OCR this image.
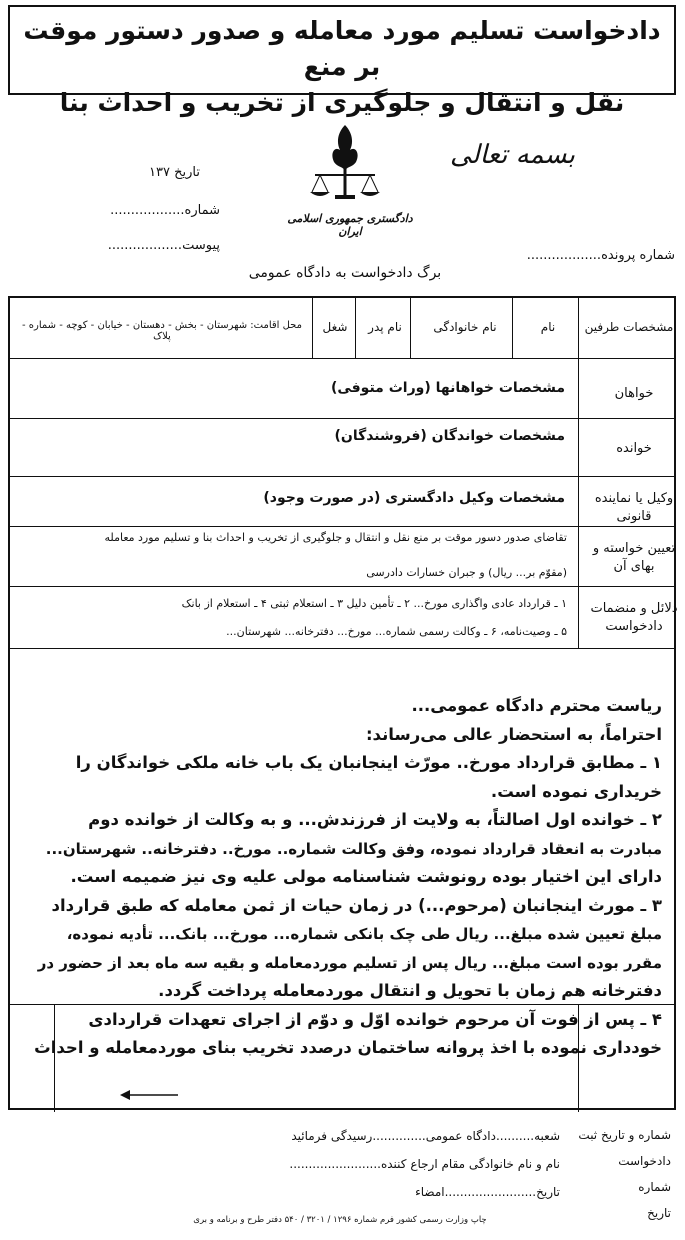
دادخواست تسلیم مورد معامله و صدور دستور موقت بر منع
نقل و انتقال و جلوگیری از تخریب و احداث بنا
بسمه تعالی
دادگستری جمهوری اسلامی ایران
تاریخ ۱۳۷
شماره..................
پیوست..................
شماره پرونده..................
برگ دادخواست به دادگاه عمومی
مشخصات طرفین
نام
نام خانوادگی
نام پدر
شغل
محل اقامت: شهرستان - بخش - دهستان - خیابان - کوچه - شماره - پلاک
خواهان
خوانده
وکیل یا نماینده قانونی
تعیین خواسته و بهای آن
دلائل و منضمات دادخواست
مشخصات خواهانها (وراث متوفی)
مشخصات خواندگان (فروشندگان)
مشخصات وکیل دادگستری (در صورت وجود)
تقاضای صدور دسور موقت بر منع نقل و انتقال و جلوگیری از تخریب و احداث بنا و تسلیم مورد معامله
(مقوّم بر... ریال) و جبران خسارات دادرسی
۱ ـ قرارداد عادی واگذاری مورخ... ۲ ـ تأمین دلیل ۳ ـ استعلام ثبتی ۴ ـ استعلام از بانک
۵ ـ وصیت‌نامه، ۶ ـ وکالت رسمی شماره... مورخ... دفترخانه... شهرستان...
ریاست محترم دادگاه عمومی...
احتراماً، به استحضار عالی می‌رساند:
۱ ـ مطابق قرارداد مورخ.. مورّث اینجانبان یک باب خانه ملکی خواندگان را
خریداری نموده است.
۲ ـ خوانده اول اصالتاً، به ولایت از فرزندش... و به وکالت از خوانده دوم
مبادرت به انعقاد قرارداد نموده، وفق وکالت شماره.. مورخ.. دفترخانه.. شهرستان...
دارای این اختیار بوده رونوشت شناسنامه مولی علیه وی نیز ضمیمه است.
۳ ـ مورث اینجانبان (مرحوم...) در زمان حیات از ثمن معامله که طبق قرارداد
مبلغ تعیین شده مبلغ... ریال طی چک بانکی شماره... مورخ... بانک... تأدیه نموده،
مقرر بوده است مبلغ... ریال پس از تسلیم موردمعامله و بقیه سه ماه بعد از حضور در
دفترخانه هم زمان با تحویل و انتقال موردمعامله پرداخت گردد.
۴ ـ پس از فوت آن مرحوم خوانده اوّل و دوّم از اجرای تعهدات قراردادی
خودداری نموده با اخذ پروانه ساختمان درصدد تخریب بنای موردمعامله و احداث
شماره و تاریخ ثبت دادخواست
شماره
تاریخ
شعبه..........دادگاه عمومی..............رسیدگی فرمائید
نام و نام خانوادگی مقام ارجاع کننده........................
تاریخ........................امضاء
چاپ وزارت رسمی کشور فرم شماره ۱۲۹۶ / ۳۲۰۱ / ۵۴۰ دفتر طرح و برنامه و بری
